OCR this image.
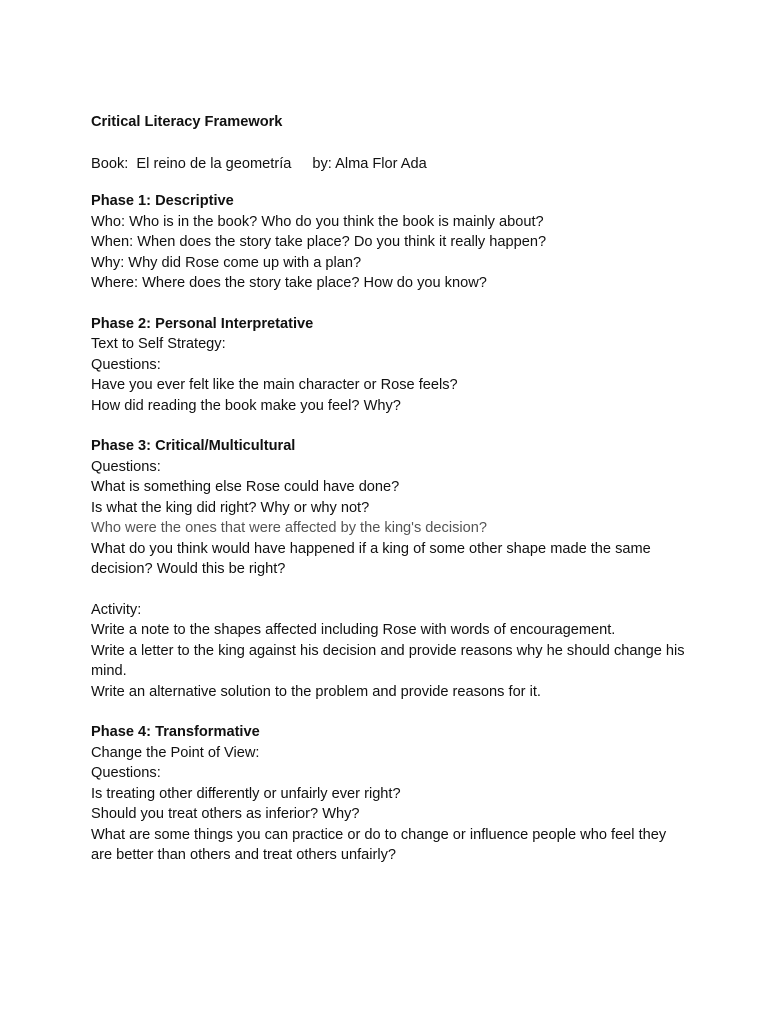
Critical Literacy Framework

Book:  El reino de la geometría by: Alma Flor Ada

Phase 1: Descriptive
Who: Who is in the book? Who do you think the book is mainly about?
When: When does the story take place? Do you think it really happen?
Why: Why did Rose come up with a plan?
Where: Where does the story take place? How do you know?
Phase 2: Personal Interpretative
Text to Self Strategy:
Questions:
Have you ever felt like the main character or Rose feels?
How did reading the book make you feel? Why?
Phase 3: Critical/Multicultural
Questions:
What is something else Rose could have done?
Is what the king did right? Why or why not?
Who were the ones that were affected by the king's decision?
What do you think would have happened if a king of some other shape made the same decision? Would this be right?
Activity:
Write a note to the shapes affected including Rose with words of encouragement.
Write a letter to the king against his decision and provide reasons why he should change his mind.
Write an alternative solution to the problem and provide reasons for it.
Phase 4: Transformative
Change the Point of View:
Questions:
Is treating other differently or unfairly ever right?
Should you treat others as inferior? Why?
What are some things you can practice or do to change or influence people who feel they are better than others and treat others unfairly?
